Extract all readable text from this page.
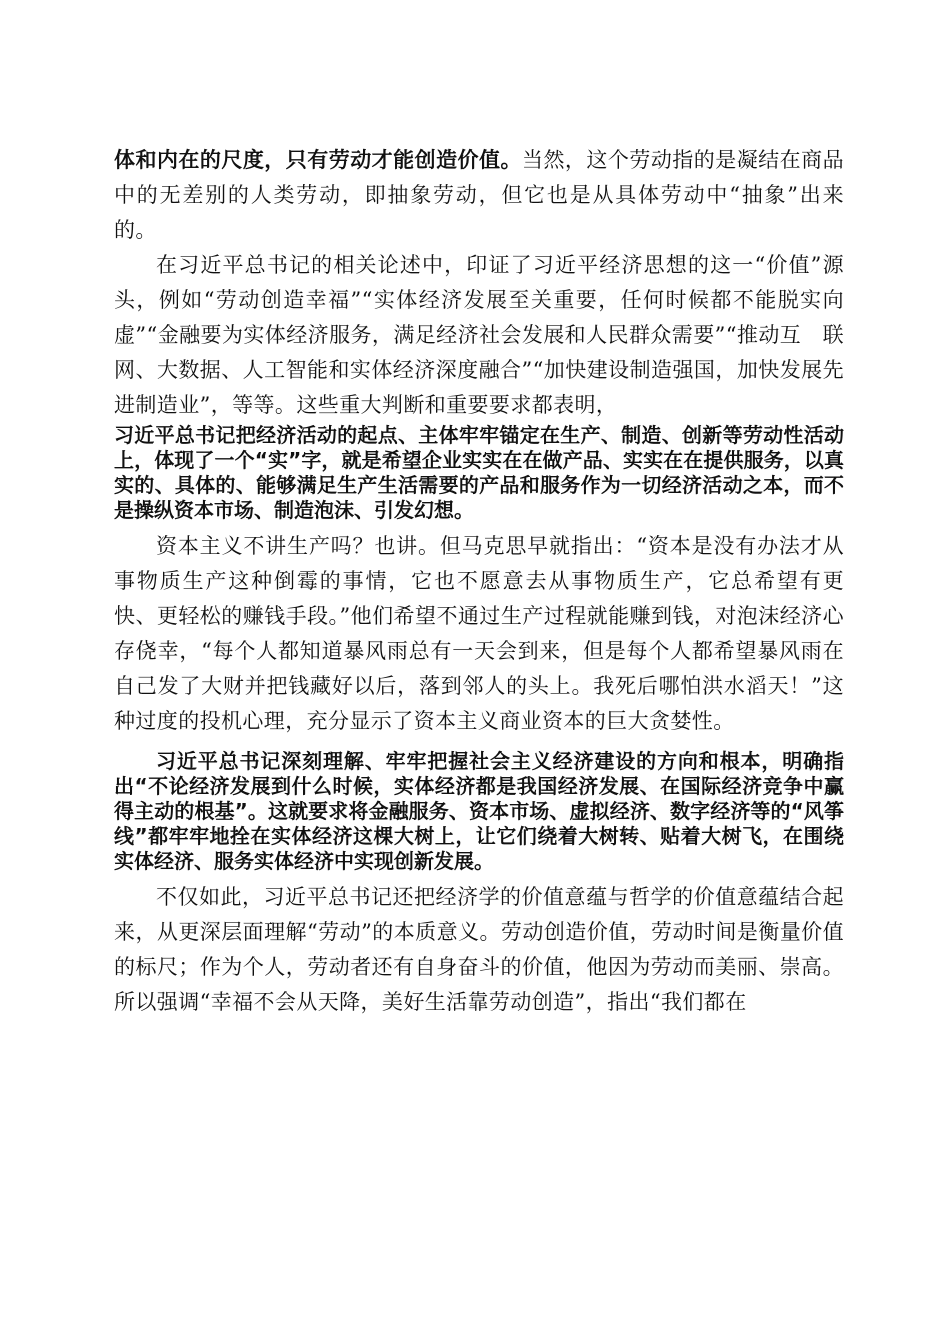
体和内在的尺度，只有劳动才能创造价值。当然，这个劳动指的是凝结在商品中的无差别的人类劳动，即抽象劳动，但它也是从具体劳动中“抽象”出来　的。

在习近平总书记的相关论述中，印证了习近平经济思想的这一“价值”源头，例如“劳动创造幸福”“实体经济发展至关重要，任何时候都不能脱实向虚”“金融要为实体经济服务，满足经济社会发展和人民群众需要”“推动互　联网、大数据、人工智能和实体经济深度融合”“加快建设制造强国，加快发展先进制造业”，等等。这些重大判断和重要要求都表明，

习近平总书记把经济活动的起点、主体牢牢锚定在生产、制造、创新等劳动性活动上，体现了一个“实”字，就是希望企业实实在在做产品、实实在在提供服务，以真实的、具体的、能够满足生产生活需要的产品和服务作为一切经济活动之本，而不是操纵资本市场、制造泡沫、引发幻想。

资本主义不讲生产吗？也讲。但马克思早就指出：“资本是没有办法才从事物质生产这种倒霉的事情，它也不愿意去从事物质生产，它总希望有更　快、更轻松的赚钱手段。”他们希望不通过生产过程就能赚到钱，对泡沫经济心存侥幸，“每个人都知道暴风雨总有一天会到来，但是每个人都希望暴风雨在自己发了大财并把钱藏好以后，落到邻人的头上。我死后哪怕洪水滔天！”这种过度的投机心理，充分显示了资本主义商业资本的巨大贪婪性。

习近平总书记深刻理解、牢牢把握社会主义经济建设的方向和根本，明确指出“不论经济发展到什么时候，实体经济都是我国经济发展、在国际经济竞争中赢得主动的根基”。这就要求将金融服务、资本市场、虚拟经济、数字经济等的“风筝线”都牢牢地拴在实体经济这棵大树上，让它们绕着大树转、贴着大树飞，在围绕实体经济、服务实体经济中实现创新发展。

不仅如此，习近平总书记还把经济学的价值意蕴与哲学的价值意蕴结合起来，从更深层面理解“劳动”的本质意义。劳动创造价值，劳动时间是衡量价值的标尺；作为个人，劳动者还有自身奋斗的价值，他因为劳动而美丽、崇高。所以强调“幸福不会从天降，美好生活靠劳动创造”，指出“我们都在
